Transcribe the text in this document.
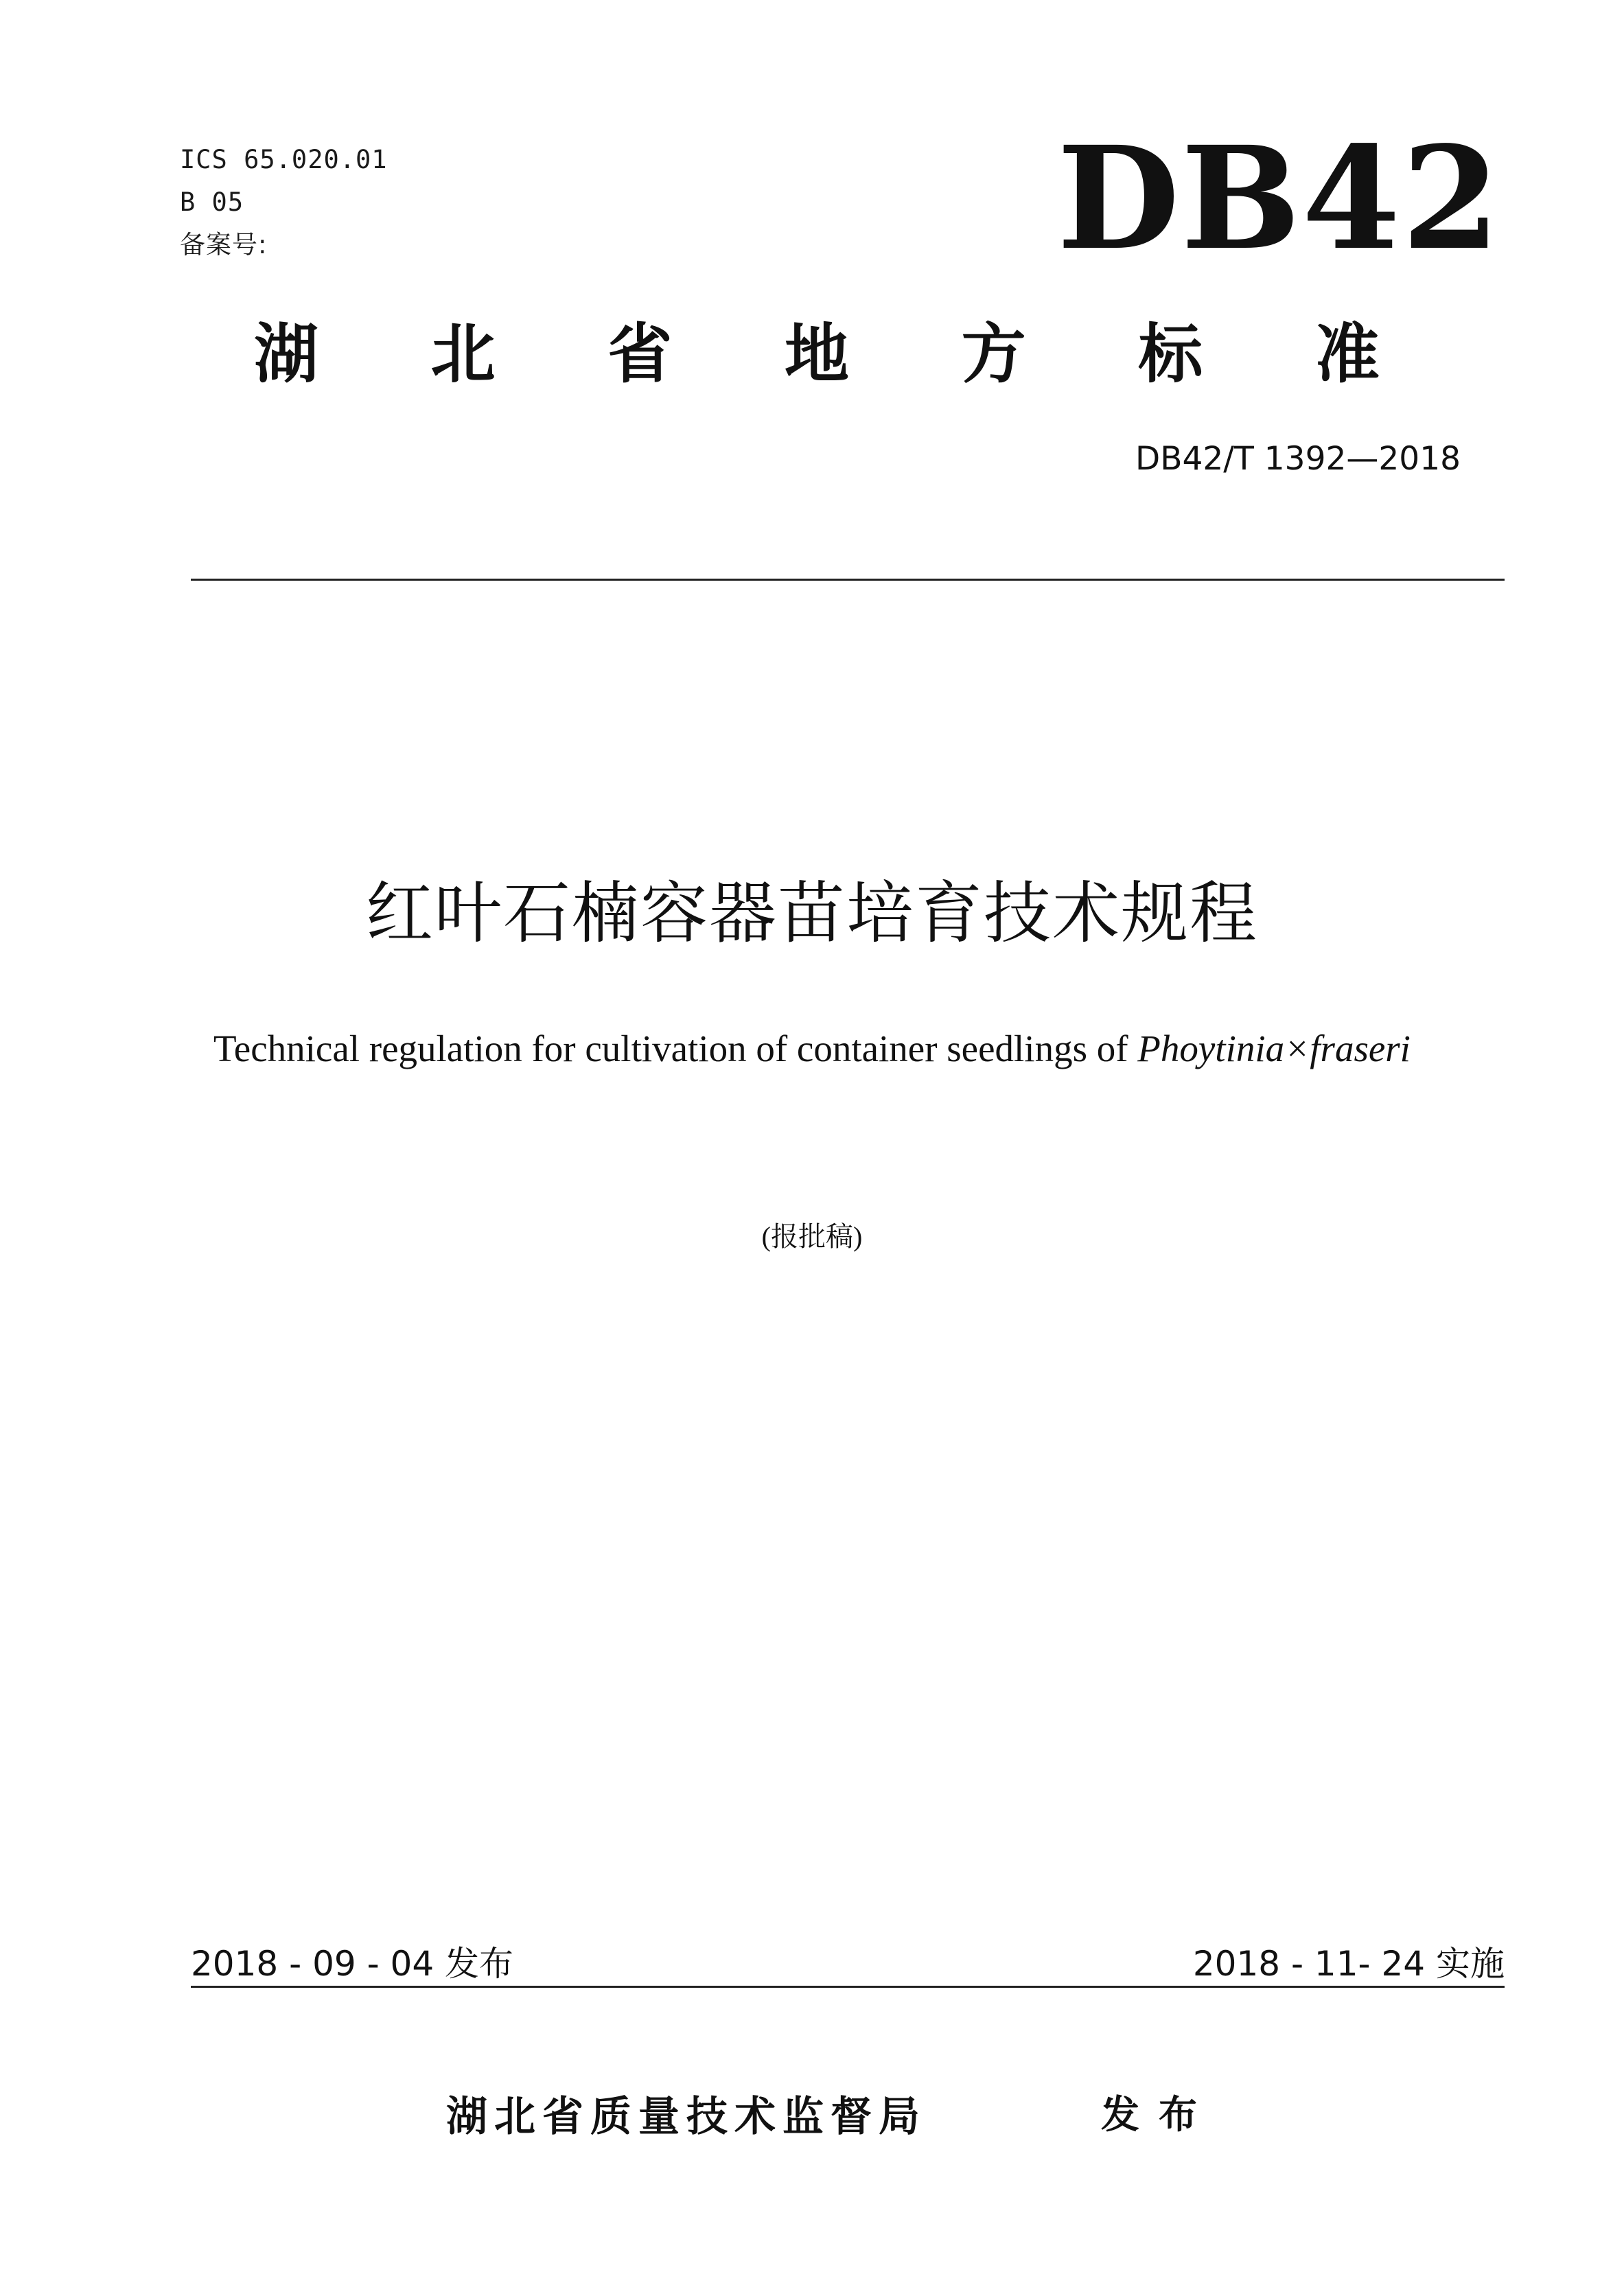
ICS 65.020.01
B 05
备案号:	DB42
湖 北 省 地 方 标 准
DB42/T 1392—2018
红叶石楠容器苗培育技术规程
Technical regulation for cultivation of container seedlings of Phoytinia×fraseri
(报批稿)
2018 - 09 - 04 发布	2018 - 11- 24 实施
湖北省质量技术监督局	发布
